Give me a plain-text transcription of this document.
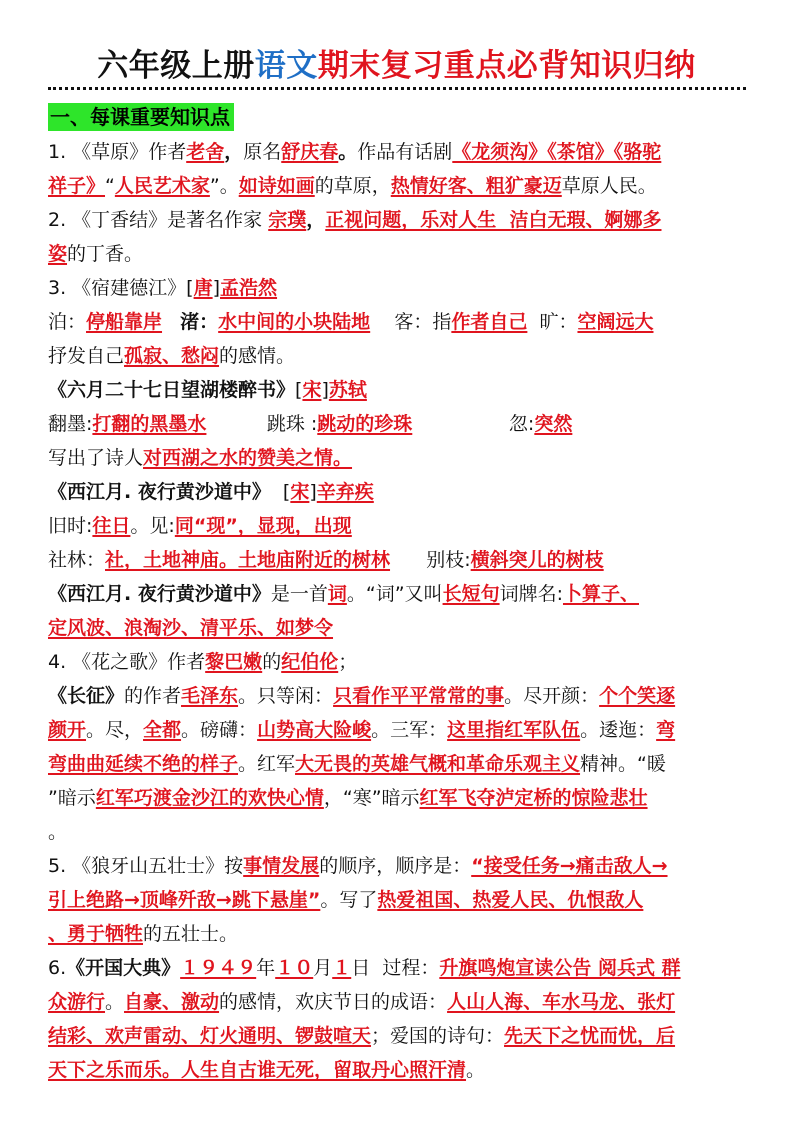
六年级上册语文期末复习重点必背知识归纳
一、每课重要知识点
1. 《草原》作者老舍，原名舒庆春。作品有话剧《龙须沟》《茶馆》《骆驼
祥子》“人民艺术家”。如诗如画的草原，热情好客、粗犷豪迈草原人民。
2. 《丁香结》是著名作家 宗璞，正视问题，乐对人生  洁白无瑕、婀娜多
姿的丁香。
3. 《宿建德江》[唐]孟浩然
泊：停船靠岸 渚：水中间的小块陆地    客：指作者自己  旷：空阔远大
抒发自己孤寂、愁闷的感情。
《六月二十七日望湖楼醉书》[宋]苏轼
翻墨:打翻的黑墨水          跳珠 :跳动的珍珠                忽:突然
写出了诗人对西湖之水的赞美之情。
《西江月. 夜行黄沙道中》  [宋]辛弃疾
旧时:往日。见:同“现”，显现，出现
社林：社，土地神庙。土地庙附近的树林      别枝:横斜突儿的树枝
《西江月. 夜行黄沙道中》是一首词。“词”又叫长短句词牌名:卜算子、
定风波、浪淘沙、清平乐、如梦令
4. 《花之歌》作者黎巴嫩的纪伯伦；
《长征》的作者毛泽东。只等闲：只看作平平常常的事。尽开颜：个个笑逐
颜开。尽，全都。磅礴：山势高大险峻。三军：这里指红军队伍。逶迤：弯
弯曲曲延续不绝的样子。红军大无畏的英雄气概和革命乐观主义精神。“暖
”暗示红军巧渡金沙江的欢快心情，“寒”暗示红军飞夺泸定桥的惊险悲壮
。
5. 《狼牙山五壮士》按事情发展的顺序，顺序是：“接受任务→痛击敌人→
引上绝路→顶峰歼敌→跳下悬崖”。写了热爱祖国、热爱人民、仇恨敌人
、勇于牺牲的五壮士。
6.《开国大典》１９４９年１０月１日  过程：升旗鸣炮宣读公告 阅兵式 群
众游行。自豪、激动的感情，欢庆节日的成语：人山人海、车水马龙、张灯
结彩、欢声雷动、灯火通明、锣鼓喧天；爱国的诗句：先天下之忧而忧，后
天下之乐而乐。人生自古谁无死，留取丹心照汗清。
